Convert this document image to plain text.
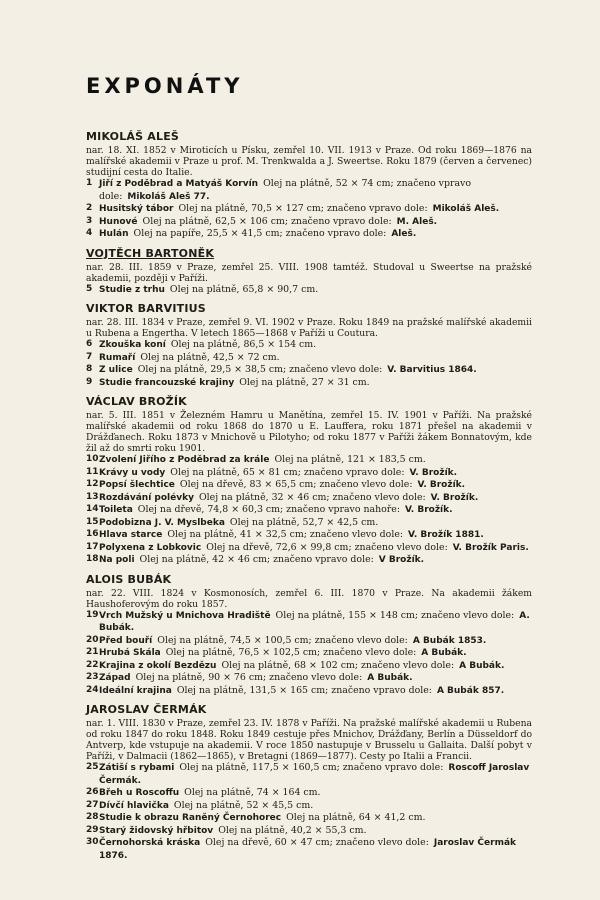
EXPONÁTY
MIKOLÁŠ ALEŠ
nar. 18. XI. 1852 v Miroticích u Písku, zemřel 10. VII. 1913 v Praze. Od roku 1869—1876 na malířské akademii v Praze u prof. M. Trenkwalda a J. Sweertse. Roku 1879 (červen a červenec) studijní cesta do Italie.
1 Jiří z Poděbrad a Matyáš Korvín Olej na plátně, 52 × 74 cm; značeno vpravo dole: Mikoláš Aleš 77.
2 Husitský tábor Olej na plátně, 70,5 × 127 cm; značeno vpravo dole: Mikoláš Aleš.
3 Hunové Olej na plátně, 62,5 × 106 cm; značeno vpravo dole: M. Aleš.
4 Hulán Olej na papíře, 25,5 × 41,5 cm; značeno vpravo dole: Aleš.
VOJTĚCH BARTONĚK
nar. 28. III. 1859 v Praze, zemřel 25. VIII. 1908 tamtéž. Studoval u Sweertse na pražské akademii, později v Paříži.
5 Studie z trhu Olej na plátně, 65,8 × 90,7 cm.
VIKTOR BARVITIUS
nar. 28. III. 1834 v Praze, zemřel 9. VI. 1902 v Praze. Roku 1849 na pražské malířské akademii u Rubena a Engertha. V letech 1865—1868 v Paříži u Coutura.
6 Zkouška koní Olej na plátně, 86,5 × 154 cm.
7 Rumaří Olej na plátně, 42,5 × 72 cm.
8 Z ulice Olej na plátně, 29,5 × 38,5 cm; značeno vlevo dole: V. Barvitius 1864.
9 Studie francouzské krajiny Olej na plátně, 27 × 31 cm.
VÁCLAV BROŽÍK
nar. 5. III. 1851 v Železném Hamru u Manětína, zemřel 15. IV. 1901 v Paříži. Na pražské malířské akademii od roku 1868 do 1870 u E. Lauffera, roku 1871 přešel na akademii v Drážďanech. Roku 1873 v Mnichově u Pilotyho; od roku 1877 v Paříži žákem Bonnatovým, kde žil až do smrti roku 1901.
10 Zvolení Jiřího z Poděbrad za krále Olej na plátně, 121 × 183,5 cm.
11 Krávy u vody Olej na plátně, 65 × 81 cm; značeno vpravo dole: V. Brožík.
12 Popsí šlechtice Olej na dřevě, 83 × 65,5 cm; značeno vlevo dole: V. Brožík.
13 Rozdávání polévky Olej na plátně, 32 × 46 cm; značeno vlevo dole: V. Brožík.
14 Toileta Olej na dřevě, 74,8 × 60,3 cm; značeno vpravo nahoře: V. Brožík.
15 Podobizna J. V. Myslbeka Olej na plátně, 52,7 × 42,5 cm.
16 Hlava starce Olej na plátně, 41 × 32,5 cm; značeno vlevo dole: V. Brožík 1881.
17 Polyxena z Lobkovic Olej na dřevě, 72,6 × 99,8 cm; značeno vlevo dole: V. Brožík Paris.
18 Na poli Olej na plátně, 42 × 46 cm; značeno vpravo dole: V Brožík.
ALOIS BUBÁK
nar. 22. VIII. 1824 v Kosmonosích, zemřel 6. III. 1870 v Praze. Na akademii žákem Haushoferovým do roku 1857.
19 Vrch Mužský u Mnichova Hradiště Olej na plátně, 155 × 148 cm; značeno vlevo dole: A. Bubák.
20 Před bouří Olej na plátně, 74,5 × 100,5 cm; značeno vlevo dole: A Bubák 1853.
21 Hrubá Skála Olej na plátně, 76,5 × 102,5 cm; značeno vlevo dole: A Bubák.
22 Krajina z okolí Bezdězu Olej na plátně, 68 × 102 cm; značeno vlevo dole: A Bubák.
23 Západ Olej na plátně, 90 × 76 cm; značeno vlevo dole: A Bubák.
24 Ideální krajina Olej na plátně, 131,5 × 165 cm; značeno vpravo dole: A Bubák 857.
JAROSLAV ČERMÁK
nar. 1. VIII. 1830 v Praze, zemřel 23. IV. 1878 v Paříži. Na pražské malířské akademii u Rubena od roku 1847 do roku 1848. Roku 1849 cestuje přes Mnichov, Drážďany, Berlín a Düsseldorf do Antverp, kde vstupuje na akademii. V roce 1850 nastupuje v Brusselu u Gallaita. Další pobyt v Paříži, v Dalmacii (1862—1865), v Bretagni (1869—1877). Cesty po Italii a Francii.
25 Zátiší s rybami Olej na plátně, 117,5 × 160,5 cm; značeno vpravo dole: Roscoff Jaroslav Čermák.
26 Břeh u Roscoffu Olej na plátně, 74 × 164 cm.
27 Dívčí hlavička Olej na plátně, 52 × 45,5 cm.
28 Studie k obrazu Raněný Černohorec Olej na plátně, 64 × 41,2 cm.
29 Starý židovský hřbitov Olej na plátně, 40,2 × 55,3 cm.
30 Černohorská kráska Olej na dřevě, 60 × 47 cm; značeno vlevo dole: Jaroslav Čermák 1876.
